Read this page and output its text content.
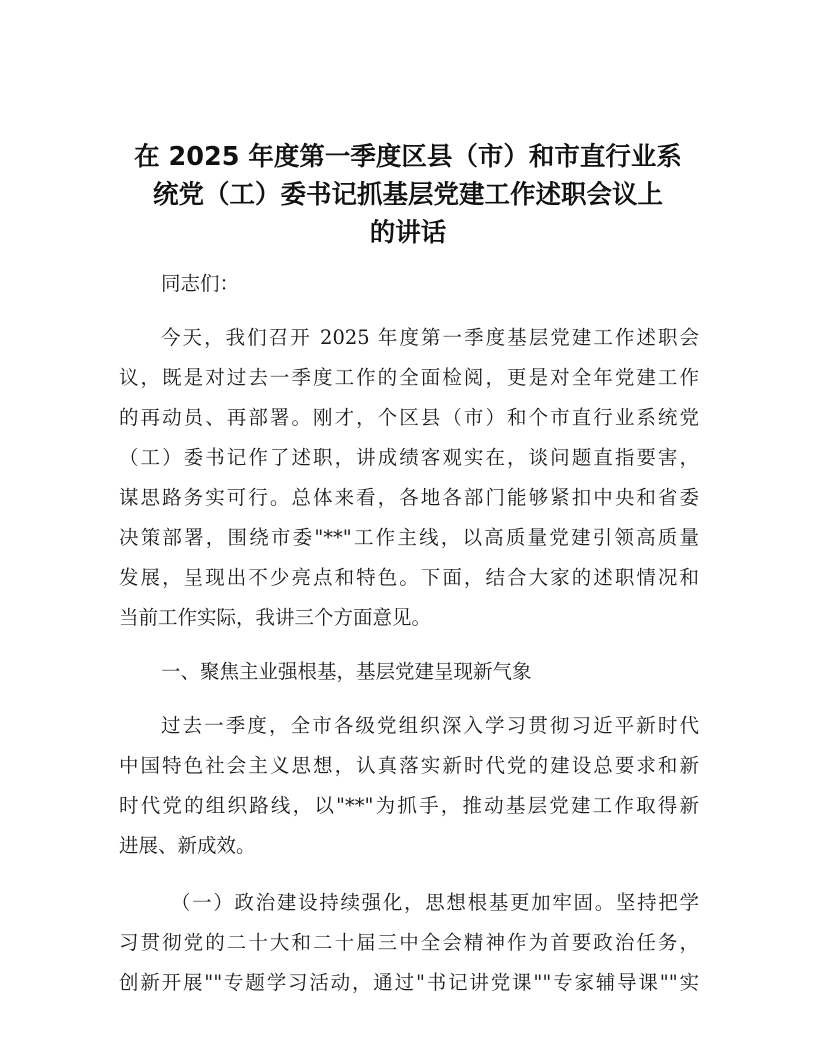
在 2025 年度第一季度区县（市）和市直行业系
统党（工）委书记抓基层党建工作述职会议上
的讲话

同志们：

今天，我们召开 2025 年度第一季度基层党建工作述职会
议，既是对过去一季度工作的全面检阅，更是对全年党建工作
的再动员、再部署。刚才，个区县（市）和个市直行业系统党
（工）委书记作了述职，讲成绩客观实在，谈问题直指要害，
谋思路务实可行。总体来看，各地各部门能够紧扣中央和省委
决策部署，围绕市委"**"工作主线，以高质量党建引领高质量
发展，呈现出不少亮点和特色。下面，结合大家的述职情况和
当前工作实际，我讲三个方面意见。

一、聚焦主业强根基，基层党建呈现新气象

过去一季度，全市各级党组织深入学习贯彻习近平新时代
中国特色社会主义思想，认真落实新时代党的建设总要求和新
时代党的组织路线，以"**"为抓手，推动基层党建工作取得新
进展、新成效。

（一）政治建设持续强化，思想根基更加牢固。坚持把学
习贯彻党的二十大和二十届三中全会精神作为首要政治任务，
创新开展""专题学习活动，通过"书记讲党课""专家辅导课""实
